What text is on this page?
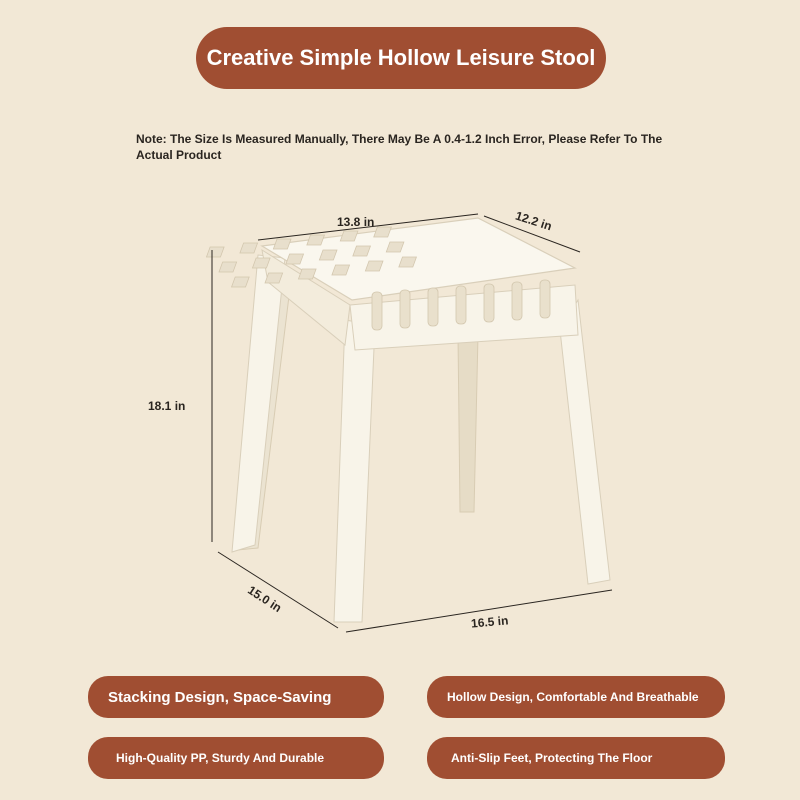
Creative Simple Hollow Leisure Stool
Note: The Size Is Measured Manually, There May Be A 0.4-1.2 Inch Error, Please Refer To The Actual Product
13.8 in	12.2 in
18.1 in
15.0 in
16.5 in
Stacking Design, Space-Saving	Hollow Design, Comfortable And Breathable
High-Quality PP, Sturdy And Durable	Anti-Slip Feet, Protecting The Floor
